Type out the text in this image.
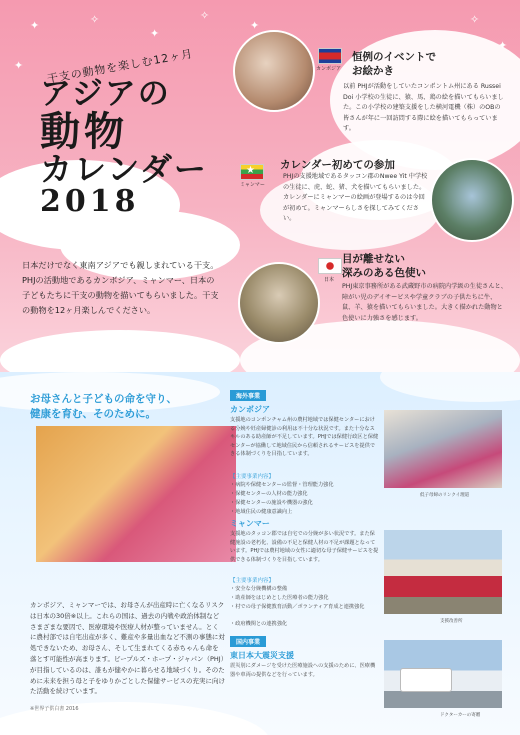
✦	✧
✦
✧
✦
✦	✧
✦
干支の動物を楽しむ12ヶ月
アジアの
動物
カレンダー
2018
日本だけでなく東南アジアでも親しまれている干支。PHJの活動地であるカンボジア、ミャンマー、日本の子どもたちに干支の動物を描いてもらいました。干支の動物を12ヶ月楽しんでください。
カンボジア
恒例のイベントで
お絵かき
以前 PHJが活動をしていたコンポントム州にある Russei Doi 小学校の生徒に、猿、馬、鶏の絵を描いてもらいました。この小学校の建築支援をした横河電機（株）のOBの皆さんが年に一回訪問する際に絵を描いてもらっています。
★
ミャンマー
カレンダー初めての参加
PHJの支援地域であるタッコン郡のNwee Yit 中学校の生徒に、虎、蛇、猪、犬を描いてもらいました。カレンダーにミャンマーの絵画が登場するのは今回が初めて。ミャンマーらしさを探してみてください。
日本
目が離せない
深みのある色使い
PHJ東京事務所がある武蔵野市の病院内学級の生徒さんと、障がい児のデイサービスや学童クラブの子供たちに牛、鼠、羊、猿を描いてもらいました。大きく描かれた動物と色使いに力強さを感じます。
お母さんと子どもの命を守り、
健康を育む、そのために。
カンボジア、ミャンマーでは、お母さんが出産時に亡くなるリスクは日本の30倍※以上。これらの国は、過去の内戦や政治体制などさまざまな要因で、医療環境や医療人材が整っていません。とくに農村部では自宅出産が多く、難産や多量出血など不測の事態に対処できないため、お母さん、そして生まれてくる赤ちゃんも命を落とす可能性が高まります。ピープルズ・ホープ・ジャパン（PHJ）が目指しているのは、誰もが健やかに暮らせる地域づくり。そのために未来を担う母と子をゆりかごとした保健サービスの充実に向けた活動を続けています。
※世界子供白書 2016
海外事業
カンボジア
支援地のコンポンチャム州の農村地域では保健センターにおける分娩や妊産婦健診の利用は不十分な状況です。また十分なスキルのある助産師が不足しています。PHJでは保健行政区と保健センターが協働して地域住民から信頼されるサービスを提供できる体制づくりを目指しています。
【主要事業内容】
・病院や保健センターの監督・管理能力強化
・保健センターの人材の能力強化
・保健センターの施設や機器の強化
・地域住民の健康意識向上
低子母婦のリンクイ理道
ミャンマー
支援地のタッコン郡では自宅での分娩が多い状況です。また保健施設の老朽化、設備の不足と保健人材の不足が課題となっています。PHJでは農村地域の女性に適切な母子保健サービスを提供できる体制づくりを目指しています。
【主要事業内容】
・安全な分娩機構の整備
・助産師をはじめとした医療者の能力強化
・村での母子保健教育活動／ボランティア育成と連携強化
・政府機関との連携強化	支援改善所
国内事業
東日本大震災支援
震災別にダメージを受けた医療施設への支援のために、医療機器や車両の提供などを行っています。
ドクターカーの寄贈
